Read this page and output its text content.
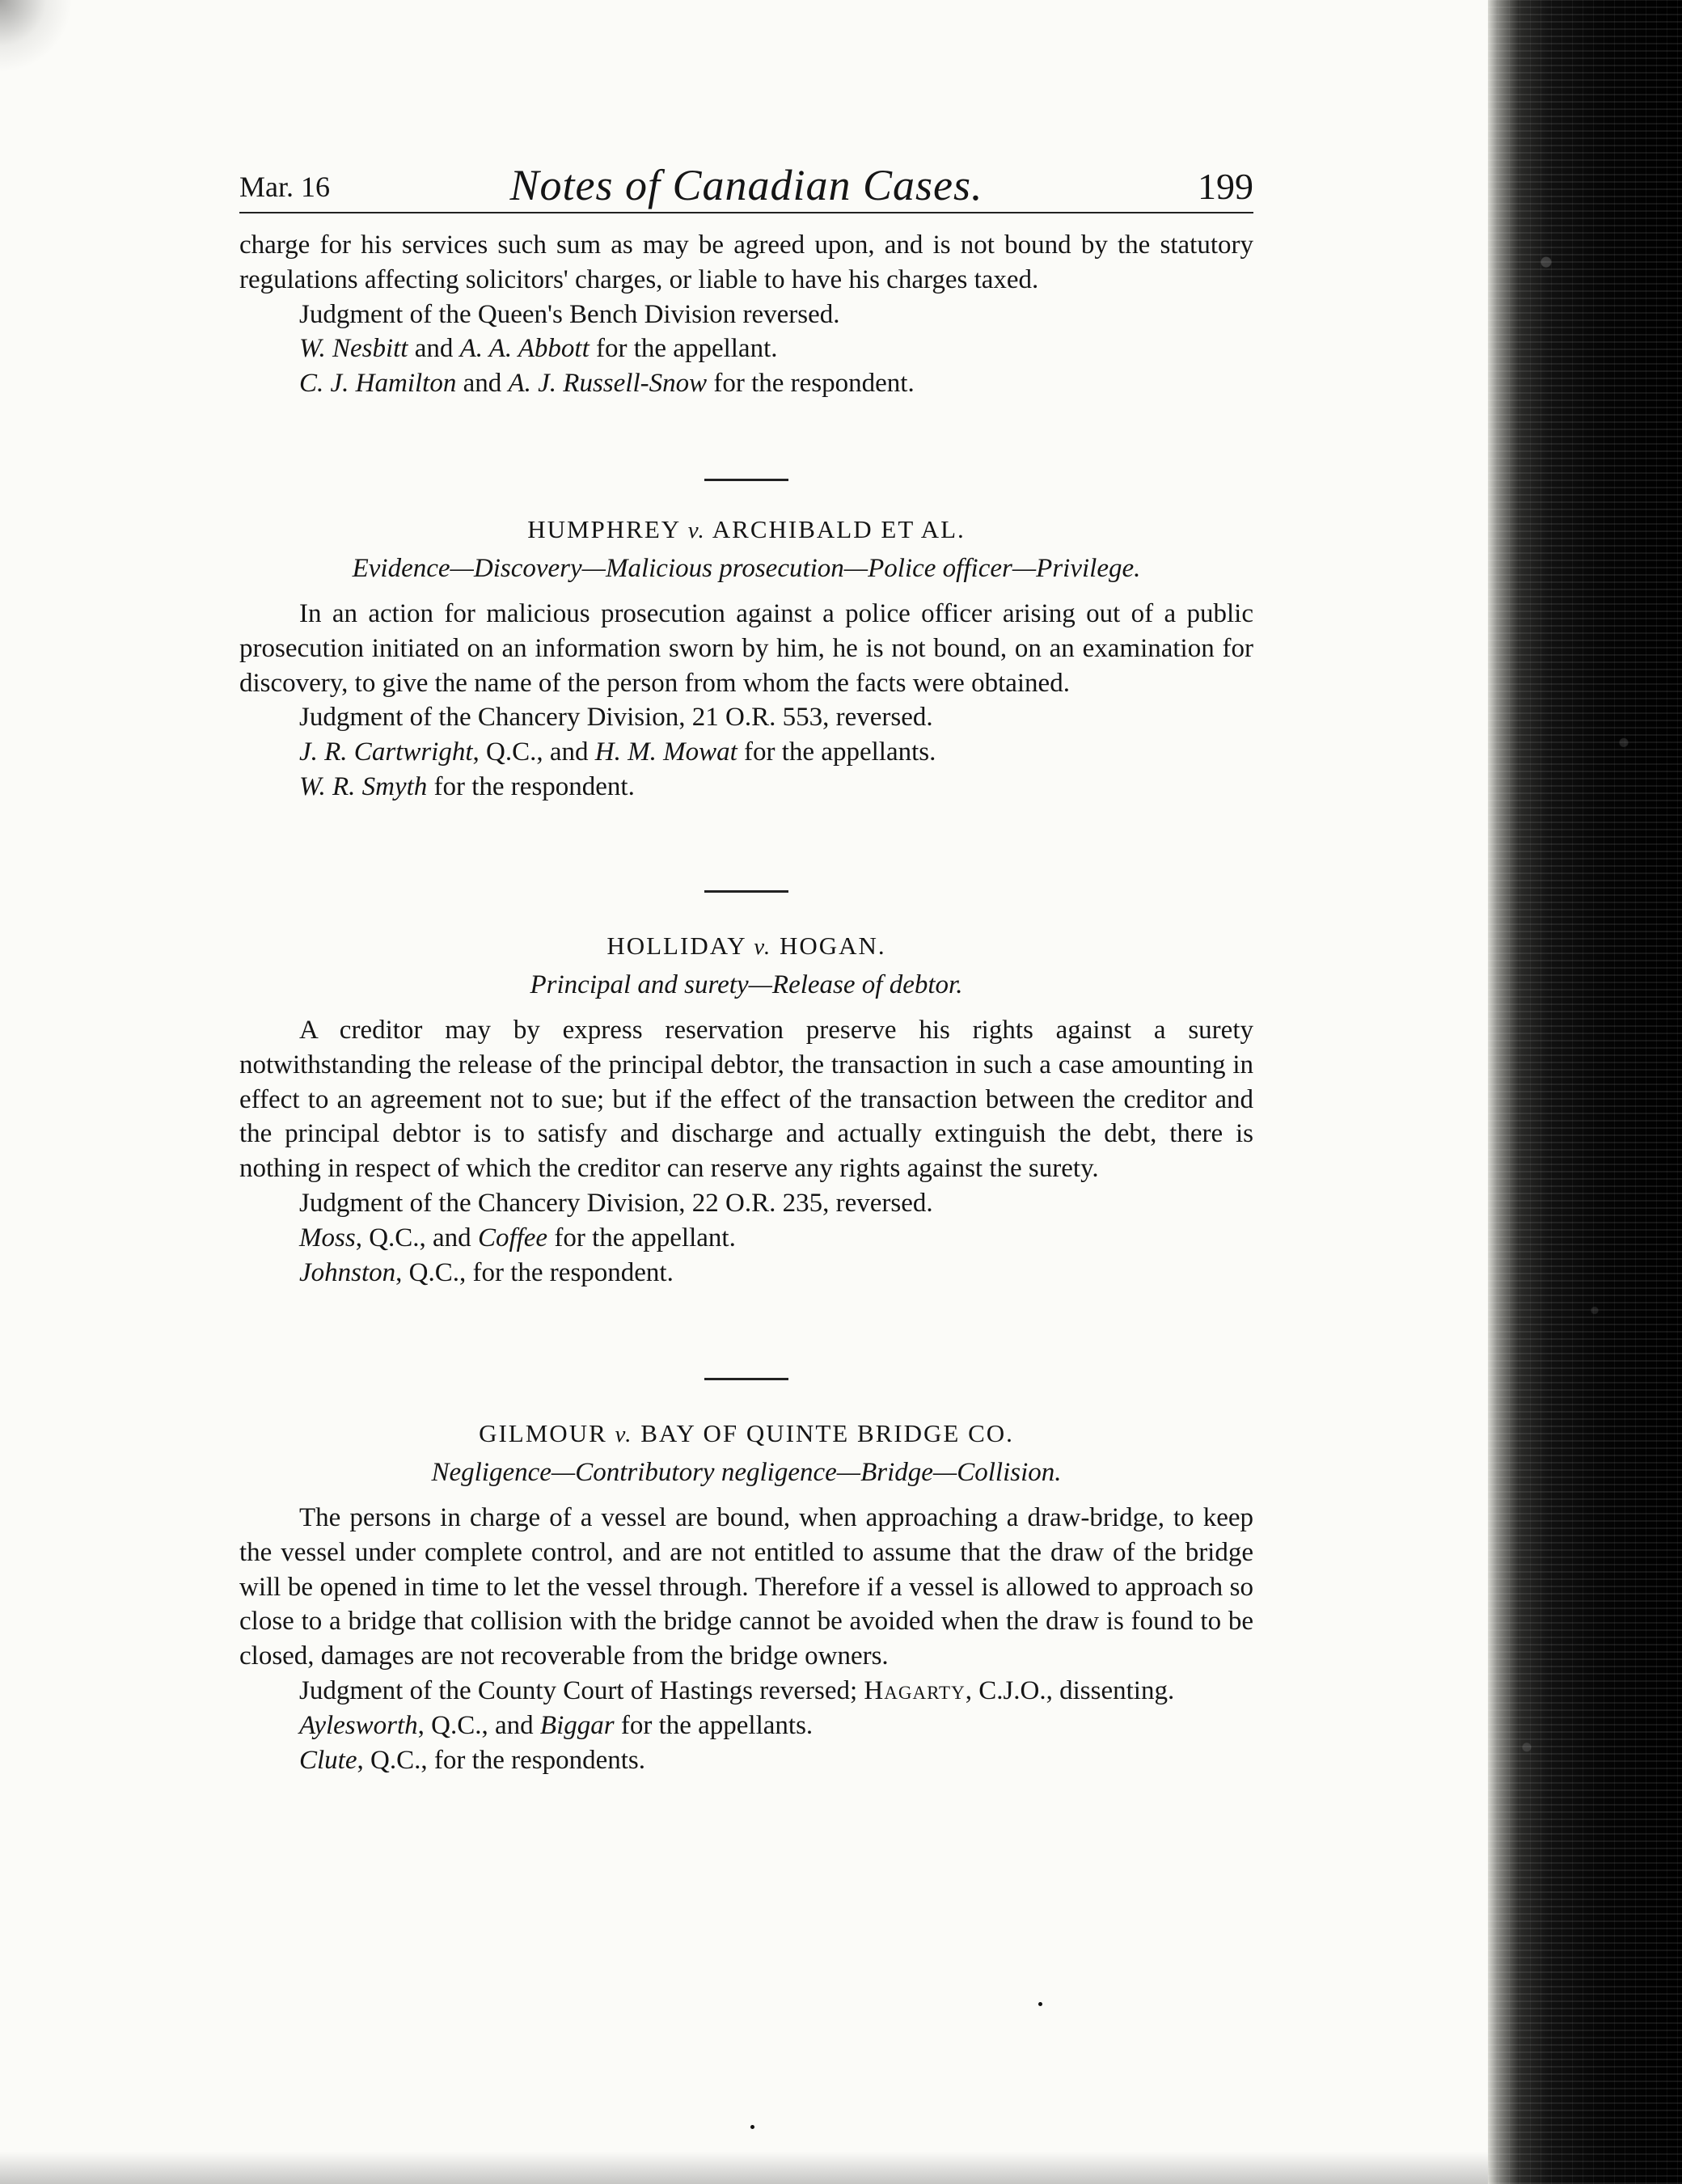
Mar. 16	Notes of Canadian Cases.	199

charge for his services such sum as may be agreed upon, and is not bound by the statutory regulations affecting solicitors' charges, or liable to have his charges taxed.

Judgment of the Queen's Bench Division reversed.

W. Nesbitt and A. A. Abbott for the appellant.

C. J. Hamilton and A. J. Russell-Snow for the respondent.

HUMPHREY v. ARCHIBALD ET AL.

Evidence—Discovery—Malicious prosecution—Police officer—Privilege.

In an action for malicious prosecution against a police officer arising out of a public prosecution initiated on an information sworn by him, he is not bound, on an examination for discovery, to give the name of the person from whom the facts were obtained.

Judgment of the Chancery Division, 21 O.R. 553, reversed.

J. R. Cartwright, Q.C., and H. M. Mowat for the appellants.

W. R. Smyth for the respondent.

HOLLIDAY v. HOGAN.

Principal and surety—Release of debtor.

A creditor may by express reservation preserve his rights against a surety notwithstanding the release of the principal debtor, the transaction in such a case amounting in effect to an agreement not to sue; but if the effect of the transaction between the creditor and the principal debtor is to satisfy and discharge and actually extinguish the debt, there is nothing in respect of which the creditor can reserve any rights against the surety.

Judgment of the Chancery Division, 22 O.R. 235, reversed.

Moss, Q.C., and Coffee for the appellant.

Johnston, Q.C., for the respondent.

GILMOUR v. BAY OF QUINTE BRIDGE CO.

Negligence—Contributory negligence—Bridge—Collision.

The persons in charge of a vessel are bound, when approaching a draw-bridge, to keep the vessel under complete control, and are not entitled to assume that the draw of the bridge will be opened in time to let the vessel through. Therefore if a vessel is allowed to approach so close to a bridge that collision with the bridge cannot be avoided when the draw is found to be closed, damages are not recoverable from the bridge owners.

Judgment of the County Court of Hastings reversed; Hagarty, C.J.O., dissenting.

Aylesworth, Q.C., and Biggar for the appellants.

Clute, Q.C., for the respondents.
